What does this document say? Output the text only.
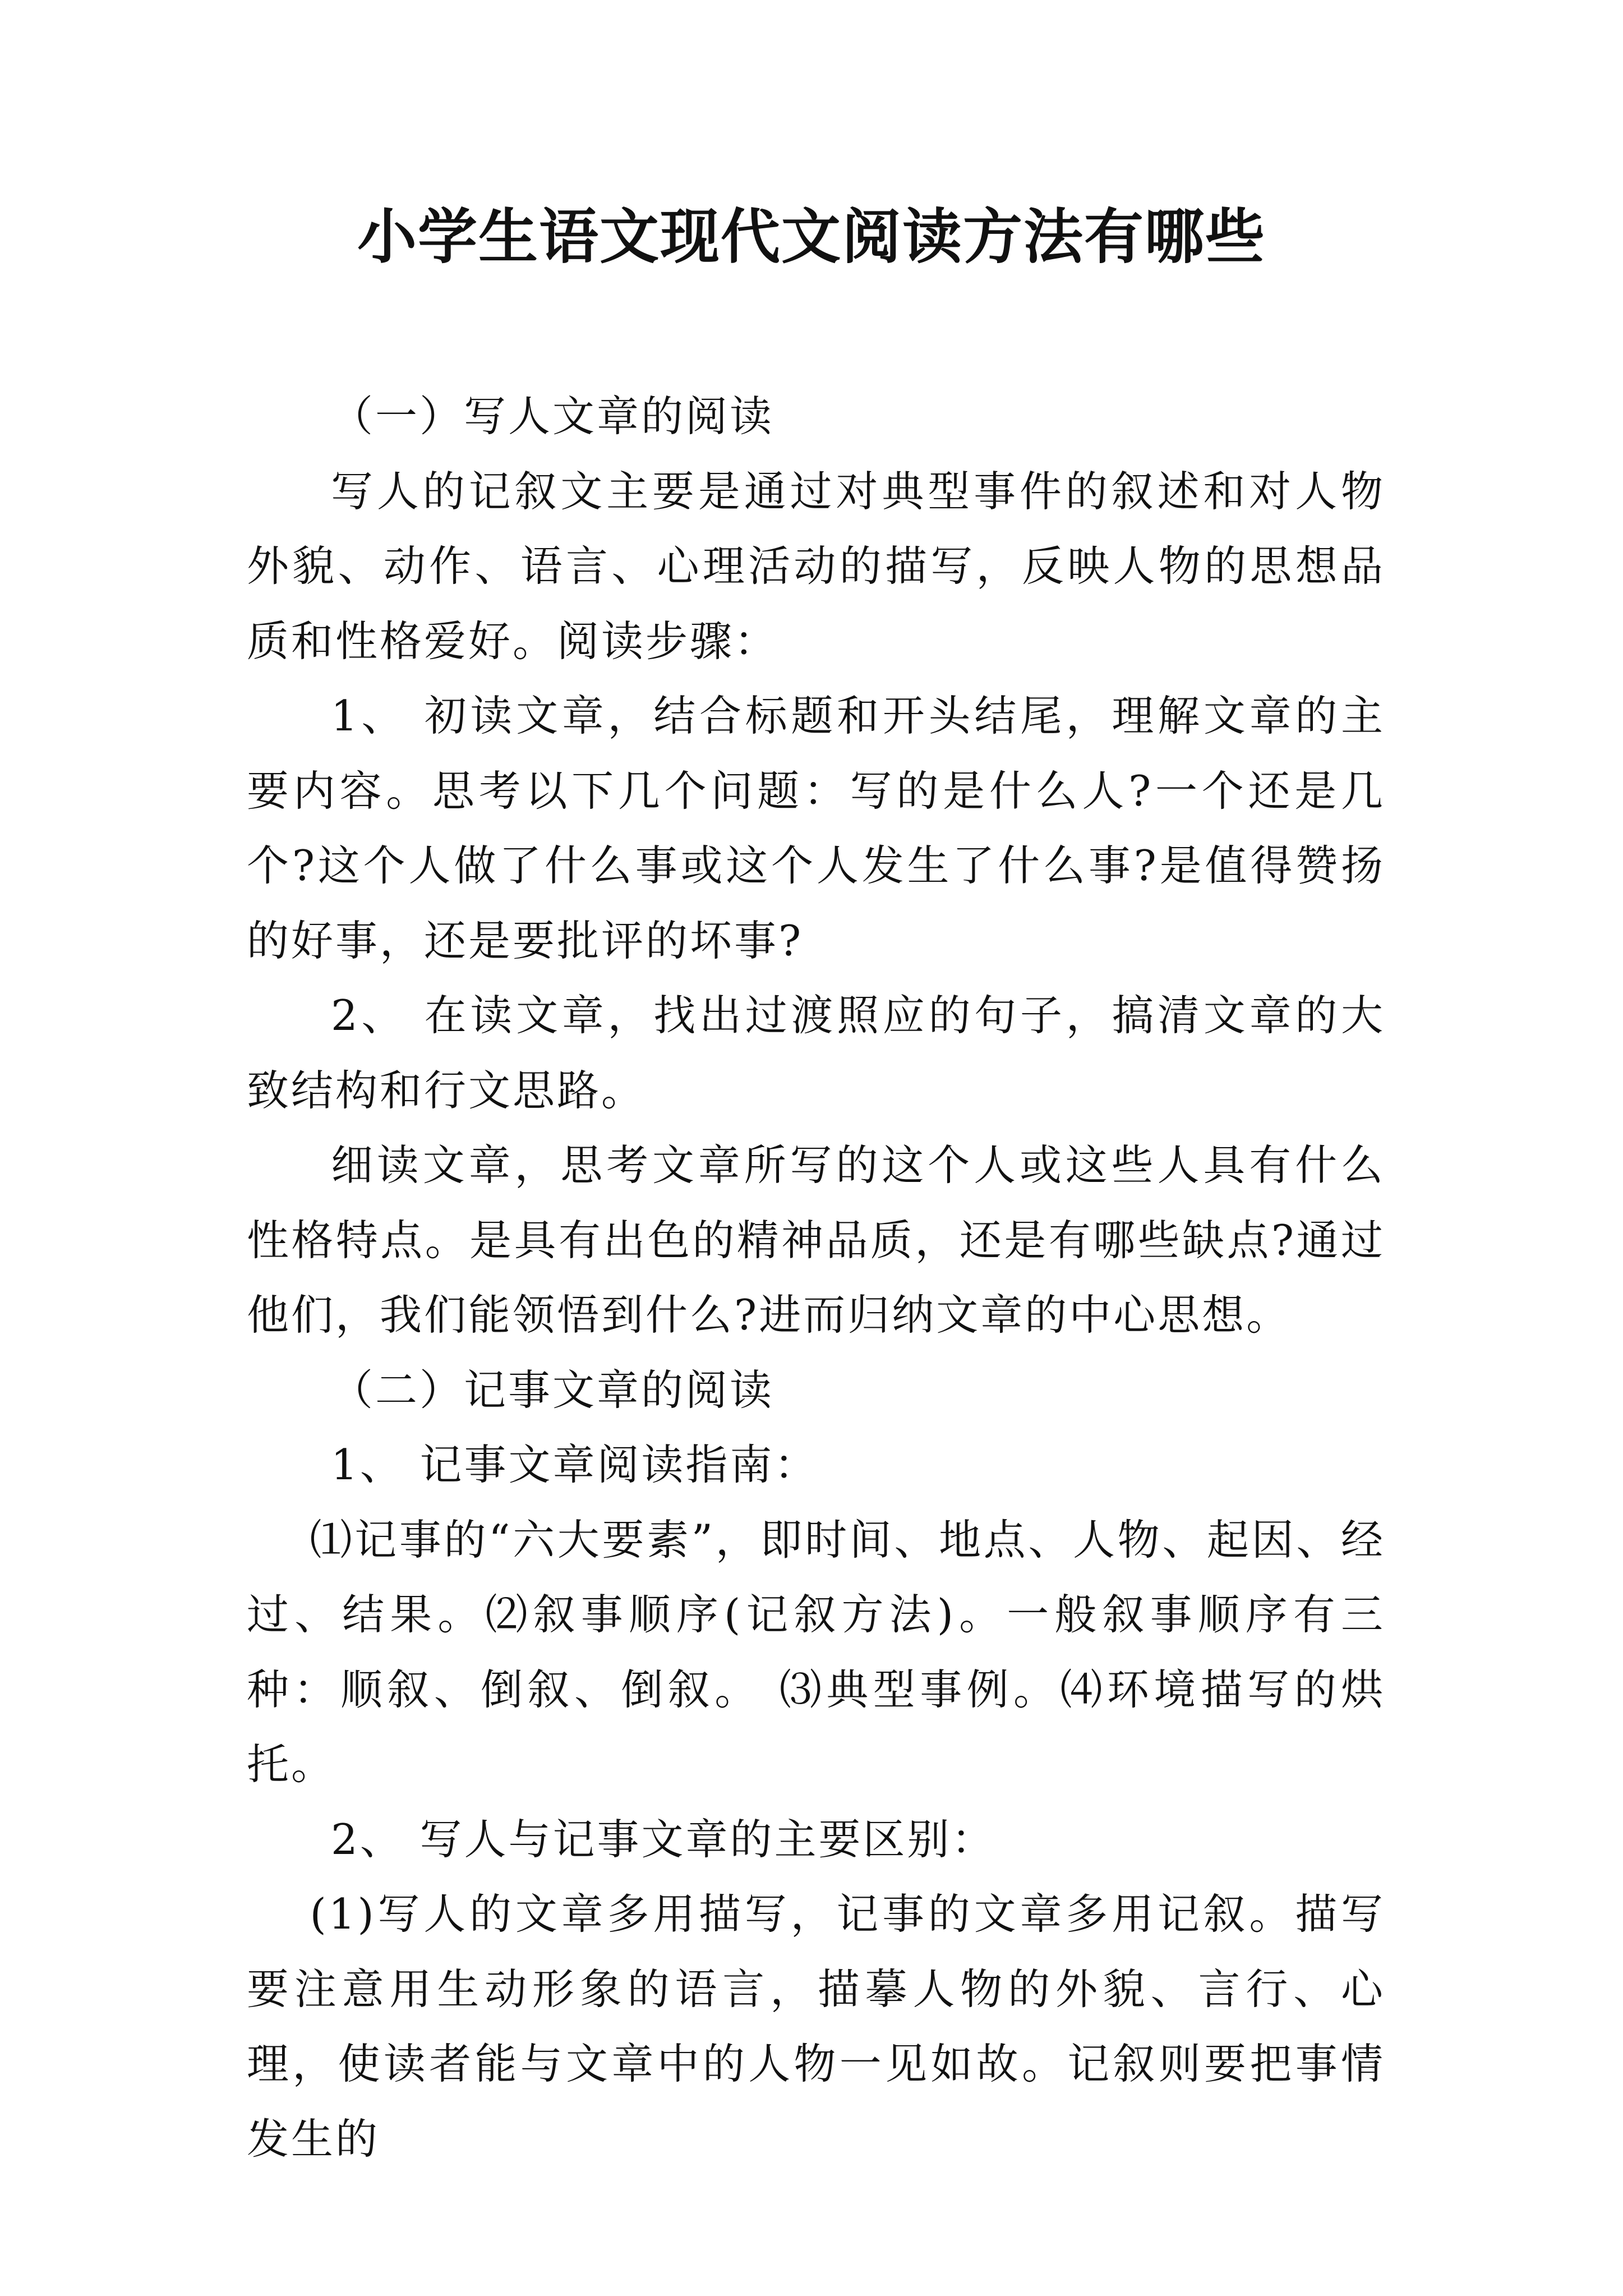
小学生语文现代文阅读方法有哪些

（一）写人文章的阅读

写人的记叙文主要是通过对典型事件的叙述和对人物外貌、动作、语言、心理活动的描写，反映人物的思想品质和性格爱好。阅读步骤：

1、 初读文章，结合标题和开头结尾，理解文章的主要内容。思考以下几个问题：写的是什么人?一个还是几个?这个人做了什么事或这个人发生了什么事?是值得赞扬的好事，还是要批评的坏事?

2、 在读文章，找出过渡照应的句子，搞清文章的大致结构和行文思路。

细读文章，思考文章所写的这个人或这些人具有什么性格特点。是具有出色的精神品质，还是有哪些缺点?通过他们，我们能领悟到什么?进而归纳文章的中心思想。

（二）记事文章的阅读

1、 记事文章阅读指南：

⑴记事的“六大要素”，即时间、地点、人物、起因、经过、结果。⑵叙事顺序(记叙方法)。一般叙事顺序有三种：顺叙、倒叙、倒叙。 ⑶典型事例。⑷环境描写的烘托。

2、 写人与记事文章的主要区别：

(1)写人的文章多用描写，记事的文章多用记叙。描写要注意用生动形象的语言，描摹人物的外貌、言行、心理，使读者能与文章中的人物一见如故。记叙则要把事情发生的
